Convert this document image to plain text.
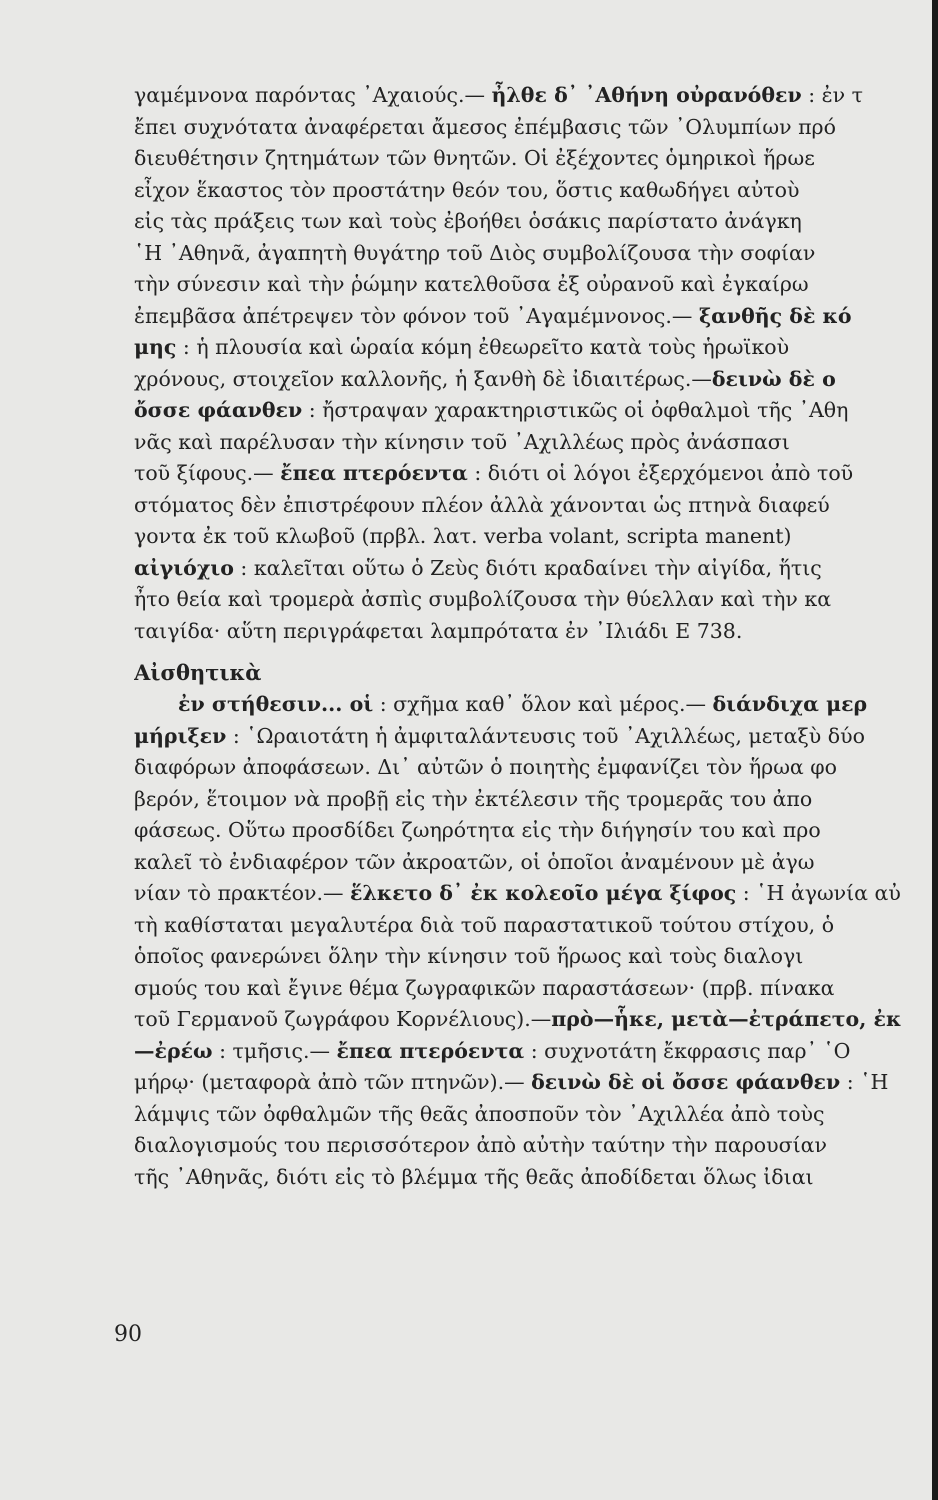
γαμέμνονα παρόντας ᾿Αχαιούς.— ἦλθε δ᾿ ᾿Αθήνη οὐρανόθεν : ἐν τ
ἔπει συχνότατα ἀναφέρεται ἄμεσος ἐπέμβασις τῶν ᾿Ολυμπίων πρό
διευθέτησιν ζητημάτων τῶν θνητῶν. Οἱ ἐξέχοντες ὁμηρικοὶ ἥρωε
εἶχον ἕκαστος τὸν προστάτην θεόν του, ὅστις καθωδήγει αὐτοὺ
εἰς τὰς πράξεις των καὶ τοὺς ἐβοήθει ὁσάκις παρίστατο ἀνάγκη
῾Η ᾿Αθηνᾶ, ἀγαπητὴ θυγάτηρ τοῦ Διὸς συμβολίζουσα τὴν σοφίαν
τὴν σύνεσιν καὶ τὴν ῥώμην κατελθοῦσα ἐξ οὐρανοῦ καὶ ἐγκαίρω
ἐπεμβᾶσα ἀπέτρεψεν τὸν φόνον τοῦ ᾿Αγαμέμνονος.— ξανθῆς δὲ κό
μης : ἡ πλουσία καὶ ὡραία κόμη ἐθεωρεῖτο κατὰ τοὺς ἡρωϊκοὺ
χρόνους, στοιχεῖον καλλονῆς, ἡ ξανθὴ δὲ ἰδιαιτέρως.—δεινὼ δὲ ο
ὄσσε φάανθεν : ἤστραψαν χαρακτηριστικῶς οἱ ὀφθαλμοὶ τῆς ᾿Αθη
νᾶς καὶ παρέλυσαν τὴν κίνησιν τοῦ ᾿Αχιλλέως πρὸς ἀνάσπασι
τοῦ ξίφους.— ἔπεα πτερόεντα : διότι οἱ λόγοι ἐξερχόμενοι ἀπὸ τοῦ
στόματος δὲν ἐπιστρέφουν πλέον ἀλλὰ χάνονται ὡς πτηνὰ διαφεύ
γοντα ἐκ τοῦ κλωβοῦ (πρβλ. λατ. verba volant, scripta manent)
αἰγιόχιο : καλεῖται οὕτω ὁ Ζεὺς διότι κραδαίνει τὴν αἰγίδα, ἥτις
ἦτο θεία καὶ τρομερὰ ἀσπὶς συμβολίζουσα τὴν θύελλαν καὶ τὴν κα
ταιγίδα· αὕτη περιγράφεται λαμπρότατα ἐν ᾿Ιλιάδι Ε 738.
Αἰσθητικὰ
ἐν στήθεσιν... οἱ : σχῆμα καθ᾿ ὅλον καὶ μέρος.— διάνδιχα μερ
μήριξεν : ῾Ωραιοτάτη ἡ ἀμφιταλάντευσις τοῦ ᾿Αχιλλέως, μεταξὺ δύο
διαφόρων ἀποφάσεων. Δι᾿ αὐτῶν ὁ ποιητὴς ἐμφανίζει τὸν ἥρωα φο
βερόν, ἕτοιμον νὰ προβῇ εἰς τὴν ἐκτέλεσιν τῆς τρομερᾶς του ἀπο
φάσεως. Οὕτω προσδίδει ζωηρότητα εἰς τὴν διήγησίν του καὶ προ
καλεῖ τὸ ἐνδιαφέρον τῶν ἀκροατῶν, οἱ ὁποῖοι ἀναμένουν μὲ ἀγω
νίαν τὸ πρακτέον.— ἕλκετο δ᾿ ἐκ κολεοῖο μέγα ξίφος : ῾Η ἀγωνία αὐ
τὴ καθίσταται μεγαλυτέρα διὰ τοῦ παραστατικοῦ τούτου στίχου, ὁ
ὁποῖος φανερώνει ὅλην τὴν κίνησιν τοῦ ἥρωος καὶ τοὺς διαλογι
σμούς του καὶ ἔγινε θέμα ζωγραφικῶν παραστάσεων· (πρβ. πίνακα
τοῦ Γερμανοῦ ζωγράφου Κορνέλιους).—πρὸ—ἧκε, μετὰ—ἐτράπετο, ἐκ
—ἐρέω : τμῆσις.— ἔπεα πτερόεντα : συχνοτάτη ἔκφρασις παρ᾿ ῾Ο
μήρῳ· (μεταφορὰ ἀπὸ τῶν πτηνῶν).— δεινὼ δὲ οἱ ὄσσε φάανθεν : ῾Η
λάμψις τῶν ὀφθαλμῶν τῆς θεᾶς ἀποσποῦν τὸν ᾿Αχιλλέα ἀπὸ τοὺς
διαλογισμούς του περισσότερον ἀπὸ αὐτὴν ταύτην τὴν παρουσίαν
τῆς ᾿Αθηνᾶς, διότι εἰς τὸ βλέμμα τῆς θεᾶς ἀποδίδεται ὅλως ἰδιαι
90
